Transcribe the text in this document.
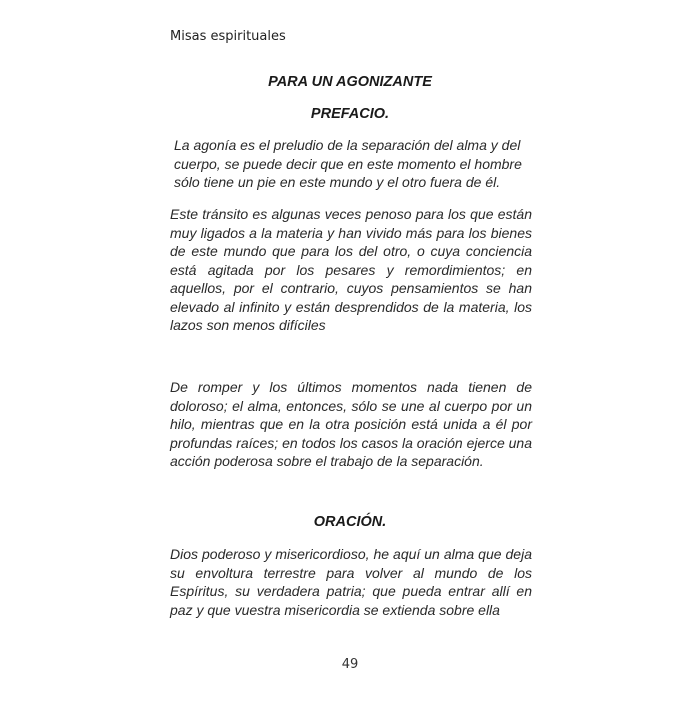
Misas espirituales
PARA UN AGONIZANTE
PREFACIO.

La agonía es el preludio de la separación del alma y del cuerpo, se puede decir que en este momento el hombre sólo tiene un pie en este mundo y el otro fuera de él.

Este tránsito es algunas veces penoso para los que están muy ligados a la materia y han vivido más para los bienes de este mundo que para los del otro, o cuya conciencia está agitada por los pesares y remordimientos; en aquellos, por el contrario, cuyos pensamientos se han elevado al infinito y están desprendidos de la materia, los lazos son menos difíciles

De romper y los últimos momentos nada tienen de doloroso; el alma, entonces, sólo se une al cuerpo por un hilo, mientras que en la otra posición está unida a él por profundas raíces; en todos los casos la oración ejerce una acción poderosa sobre el trabajo de la separación.

ORACIÓN.

Dios poderoso y misericordioso, he aquí un alma que deja su envoltura terrestre para volver al mundo de los Espíritus, su verdadera patria; que pueda entrar allí en paz y que vuestra misericordia se extienda sobre ella

49
